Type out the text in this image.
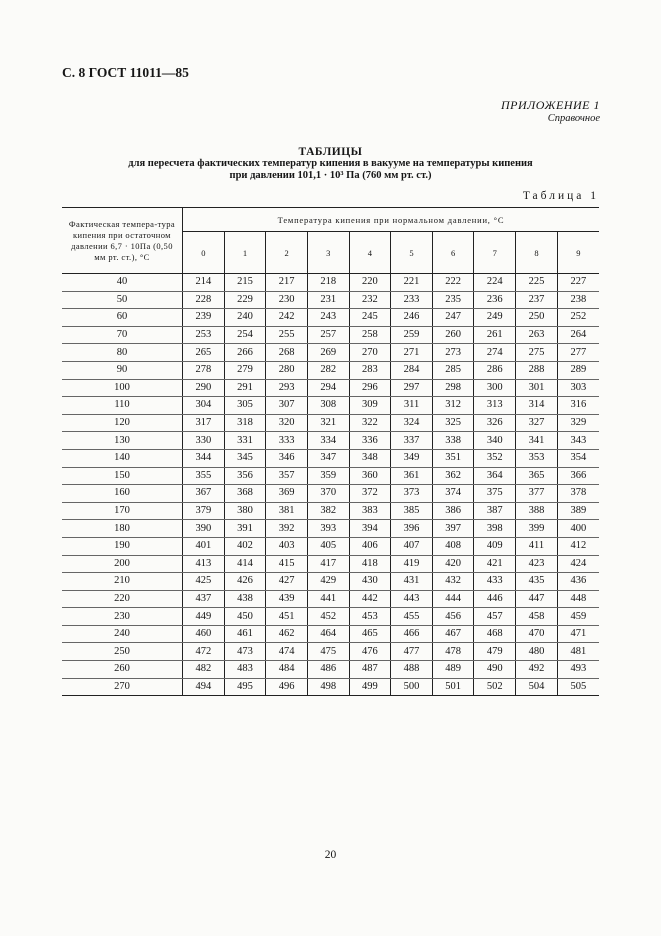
С. 8 ГОСТ 11011—85
ПРИЛОЖЕНИЕ 1
Справочное
ТАБЛИЦЫ
для пересчета фактических температур кипения в вакууме на температуры кипения
при давлении 101,1 · 10³ Па (760 мм рт. ст.)
Таблица 1
Фактическая темпера-тура кипения при остаточном давлении 6,7 · 10Па (0,50 мм рт. ст.), °С	Температура кипения при нормальном давлении, °С									
	0	1	2	3	4	5	6	7	8	9
40	214	215	217	218	220	221	222	224	225	227
50	228	229	230	231	232	233	235	236	237	238
60	239	240	242	243	245	246	247	249	250	252
70	253	254	255	257	258	259	260	261	263	264
80	265	266	268	269	270	271	273	274	275	277
90	278	279	280	282	283	284	285	286	288	289
100	290	291	293	294	296	297	298	300	301	303
110	304	305	307	308	309	311	312	313	314	316
120	317	318	320	321	322	324	325	326	327	329
130	330	331	333	334	336	337	338	340	341	343
140	344	345	346	347	348	349	351	352	353	354
150	355	356	357	359	360	361	362	364	365	366
160	367	368	369	370	372	373	374	375	377	378
170	379	380	381	382	383	385	386	387	388	389
180	390	391	392	393	394	396	397	398	399	400
190	401	402	403	405	406	407	408	409	411	412
200	413	414	415	417	418	419	420	421	423	424
210	425	426	427	429	430	431	432	433	435	436
220	437	438	439	441	442	443	444	446	447	448
230	449	450	451	452	453	455	456	457	458	459
240	460	461	462	464	465	466	467	468	470	471
250	472	473	474	475	476	477	478	479	480	481
260	482	483	484	486	487	488	489	490	492	493
270	494	495	496	498	499	500	501	502	504	505
20
